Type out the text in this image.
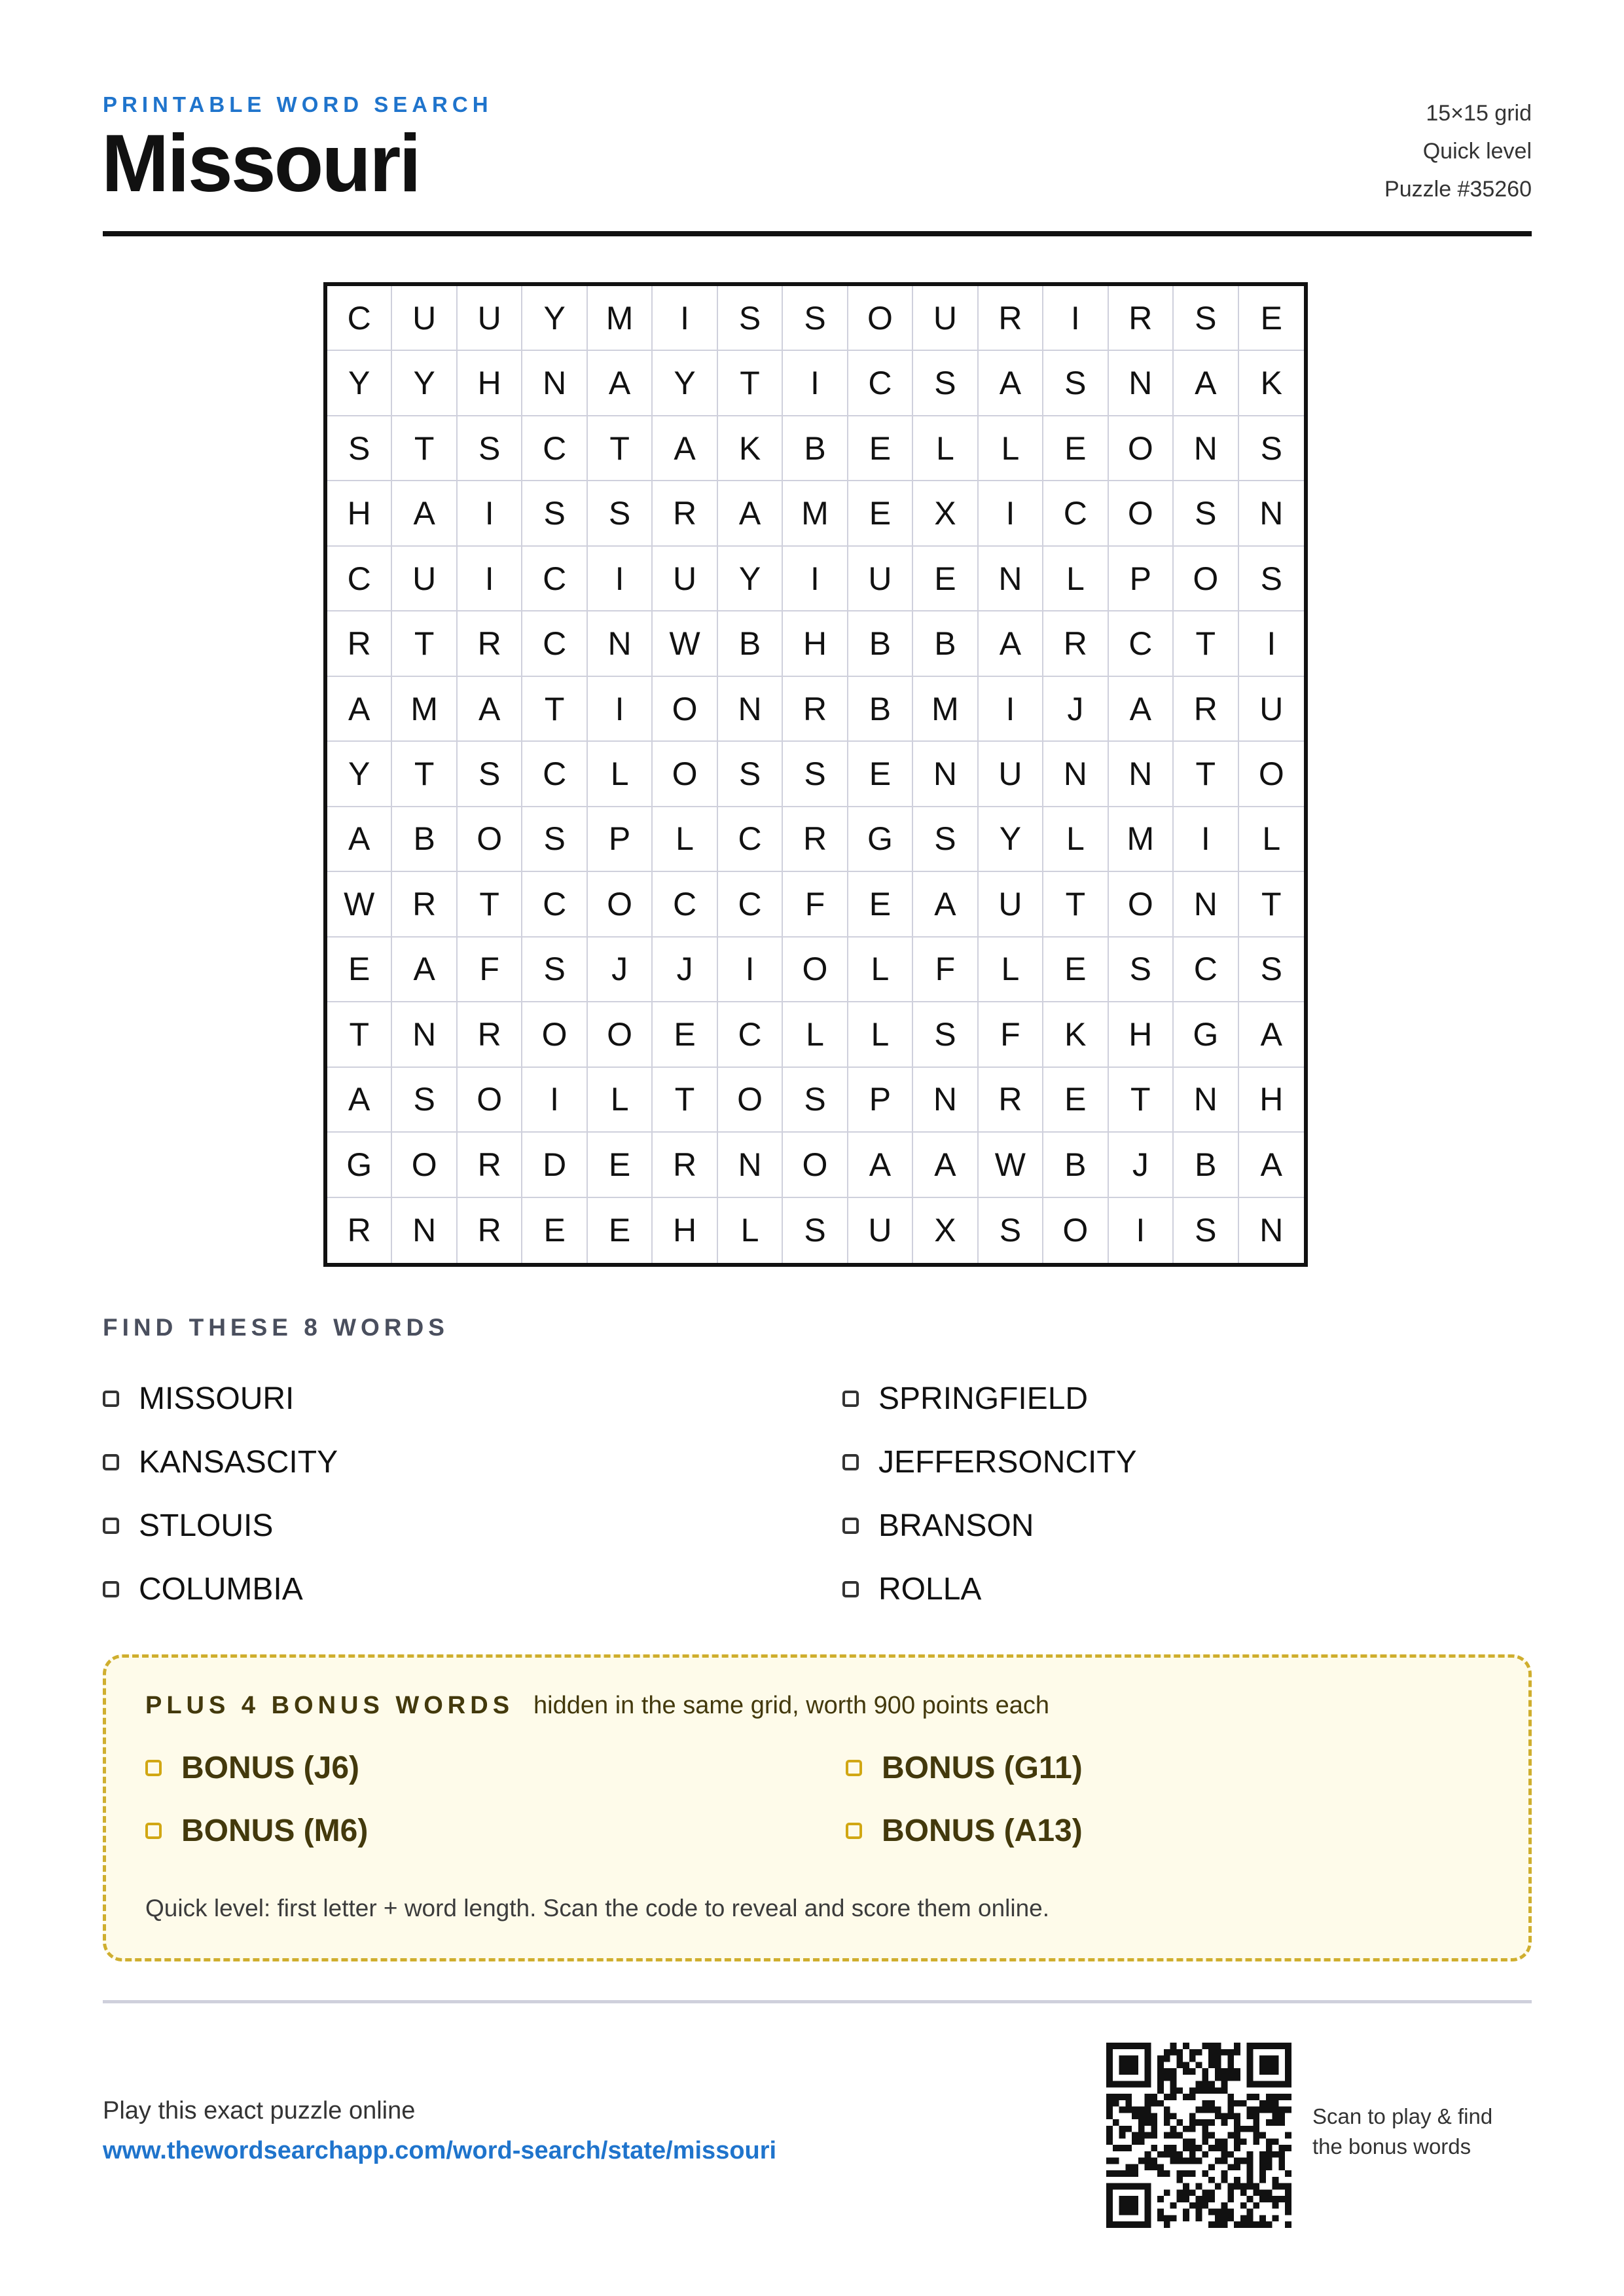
PRINTABLE WORD SEARCH
Missouri
15×15 grid
Quick level
Puzzle #35260
C	U	U	Y	M	I	S	S	O	U	R	I	R	S	E
Y	Y	H	N	A	Y	T	I	C	S	A	S	N	A	K
S	T	S	C	T	A	K	B	E	L	L	E	O	N	S
H	A	I	S	S	R	A	M	E	X	I	C	O	S	N
C	U	I	C	I	U	Y	I	U	E	N	L	P	O	S
R	T	R	C	N	W	B	H	B	B	A	R	C	T	I
A	M	A	T	I	O	N	R	B	M	I	J	A	R	U
Y	T	S	C	L	O	S	S	E	N	U	N	N	T	O
A	B	O	S	P	L	C	R	G	S	Y	L	M	I	L
W	R	T	C	O	C	C	F	E	A	U	T	O	N	T
E	A	F	S	J	J	I	O	L	F	L	E	S	C	S
T	N	R	O	O	E	C	L	L	S	F	K	H	G	A
A	S	O	I	L	T	O	S	P	N	R	E	T	N	H
G	O	R	D	E	R	N	O	A	A	W	B	J	B	A
R	N	R	E	E	H	L	S	U	X	S	O	I	S	N
FIND THESE 8 WORDS
MISSOURI	SPRINGFIELD
KANSASCITY	JEFFERSONCITY
STLOUIS	BRANSON
COLUMBIA	ROLLA
PLUS 4 BONUS WORDS hidden in the same grid, worth 900 points each
BONUS (J6)	BONUS (G11)
BONUS (M6)	BONUS (A13)
Quick level: first letter + word length. Scan the code to reveal and score them online.
Play this exact puzzle online
www.thewordsearchapp.com/word-search/state/missouri
Scan to play & find
the bonus words
